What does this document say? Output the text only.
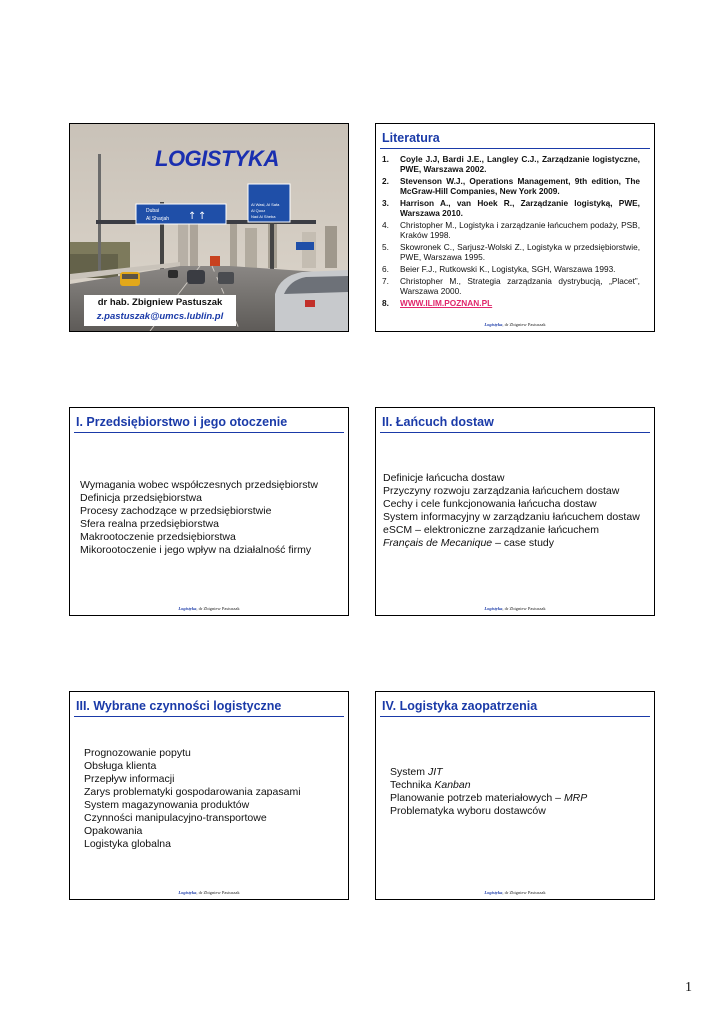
Dubai
Al Sharjah ↑ ↑
Al Wasl, Al Safa
Al Quoz
Nad Al Sheba
LOGISTYKA
dr hab. Zbigniew Pastuszak
z.pastuszak@umcs.lublin.pl
Literatura
1.	Coyle J.J, Bardi J.E., Langley C.J., Zarządzanie logistyczne, PWE, Warszawa 2002.
2.	Stevenson W.J., Operations Management, 9th edition, The McGraw-Hill Companies, New York 2009.
3.	Harrison A., van Hoek R., Zarządzanie logistyką, PWE, Warszawa 2010.
4.	Christopher M., Logistyka i zarządzanie łańcuchem podaży, PSB, Kraków 1998.
5.	Skowronek C., Sarjusz-Wolski Z., Logistyka w przedsiębiorstwie, PWE, Warszawa 1995.
6.	Beier F.J., Rutkowski K., Logistyka, SGH, Warszawa 1993.
7.	Christopher M., Strategia zarządzania dystrybucją, „Placet”, Warszawa 2000.
8.	WWW.ILIM.POZNAN.PL
Logistyka, dr Zbigniew Pastuszak
I. Przedsiębiorstwo i jego otoczenie
Wymagania wobec współczesnych przedsiębiorstw
Definicja przedsiębiorstwa
Procesy zachodzące w przedsiębiorstwie
Sfera realna przedsiębiorstwa
Makrootoczenie przedsiębiorstwa
Mikorootoczenie i jego wpływ na działalność firmy
Logistyka, dr Zbigniew Pastuszak
II. Łańcuch dostaw
Definicje łańcucha dostaw
Przyczyny rozwoju zarządzania łańcuchem dostaw
Cechy i cele funkcjonowania łańcucha dostaw
System informacyjny w zarządzaniu łańcuchem dostaw
eSCM – elektroniczne zarządzanie łańcuchem
Français de Mecanique – case study
Logistyka, dr Zbigniew Pastuszak
III. Wybrane czynności logistyczne
Prognozowanie popytu
Obsługa klienta
Przepływ informacji
Zarys problematyki gospodarowania zapasami
System magazynowania produktów
Czynności manipulacyjno-transportowe
Opakowania
Logistyka globalna
Logistyka, dr Zbigniew Pastuszak
IV. Logistyka zaopatrzenia
System JIT
Technika Kanban
Planowanie potrzeb materiałowych – MRP
Problematyka wyboru dostawców
Logistyka, dr Zbigniew Pastuszak
1
